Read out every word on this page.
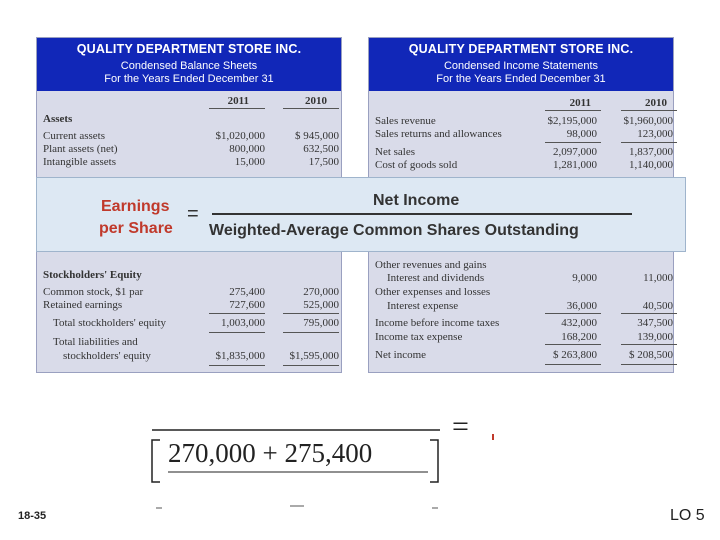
QUALITY DEPARTMENT STORE INC.
Condensed Balance Sheets
For the Years Ended December 31
2011	2010
Assets
Current assets	$1,020,000	$ 945,000
Plant assets (net)	800,000	632,500
Intangible assets	15,000	17,500
Stockholders' Equity
Common stock, $1 par	275,400	270,000
Retained earnings	727,600	525,000
Total stockholders' equity	1,003,000	795,000
Total liabilities and
stockholders' equity	$1,835,000	$1,595,000
QUALITY DEPARTMENT STORE INC.
Condensed Income Statements
For the Years Ended December 31
2011	2010
Sales revenue	$2,195,000	$1,960,000
Sales returns and allowances	98,000	123,000
Net sales	2,097,000	1,837,000
Cost of goods sold	1,281,000	1,140,000
Other revenues and gains
Interest and dividends	9,000	11,000
Other expenses and losses
Interest expense	36,000	40,500
Income before income taxes	432,000	347,500
Income tax expense	168,200	139,000
Net income	$ 263,800	$ 208,500
Earnings
per Share
=
Net Income
Weighted-Average Common Shares Outstanding
270,000 + 275,400
=
18-35	LO 5
